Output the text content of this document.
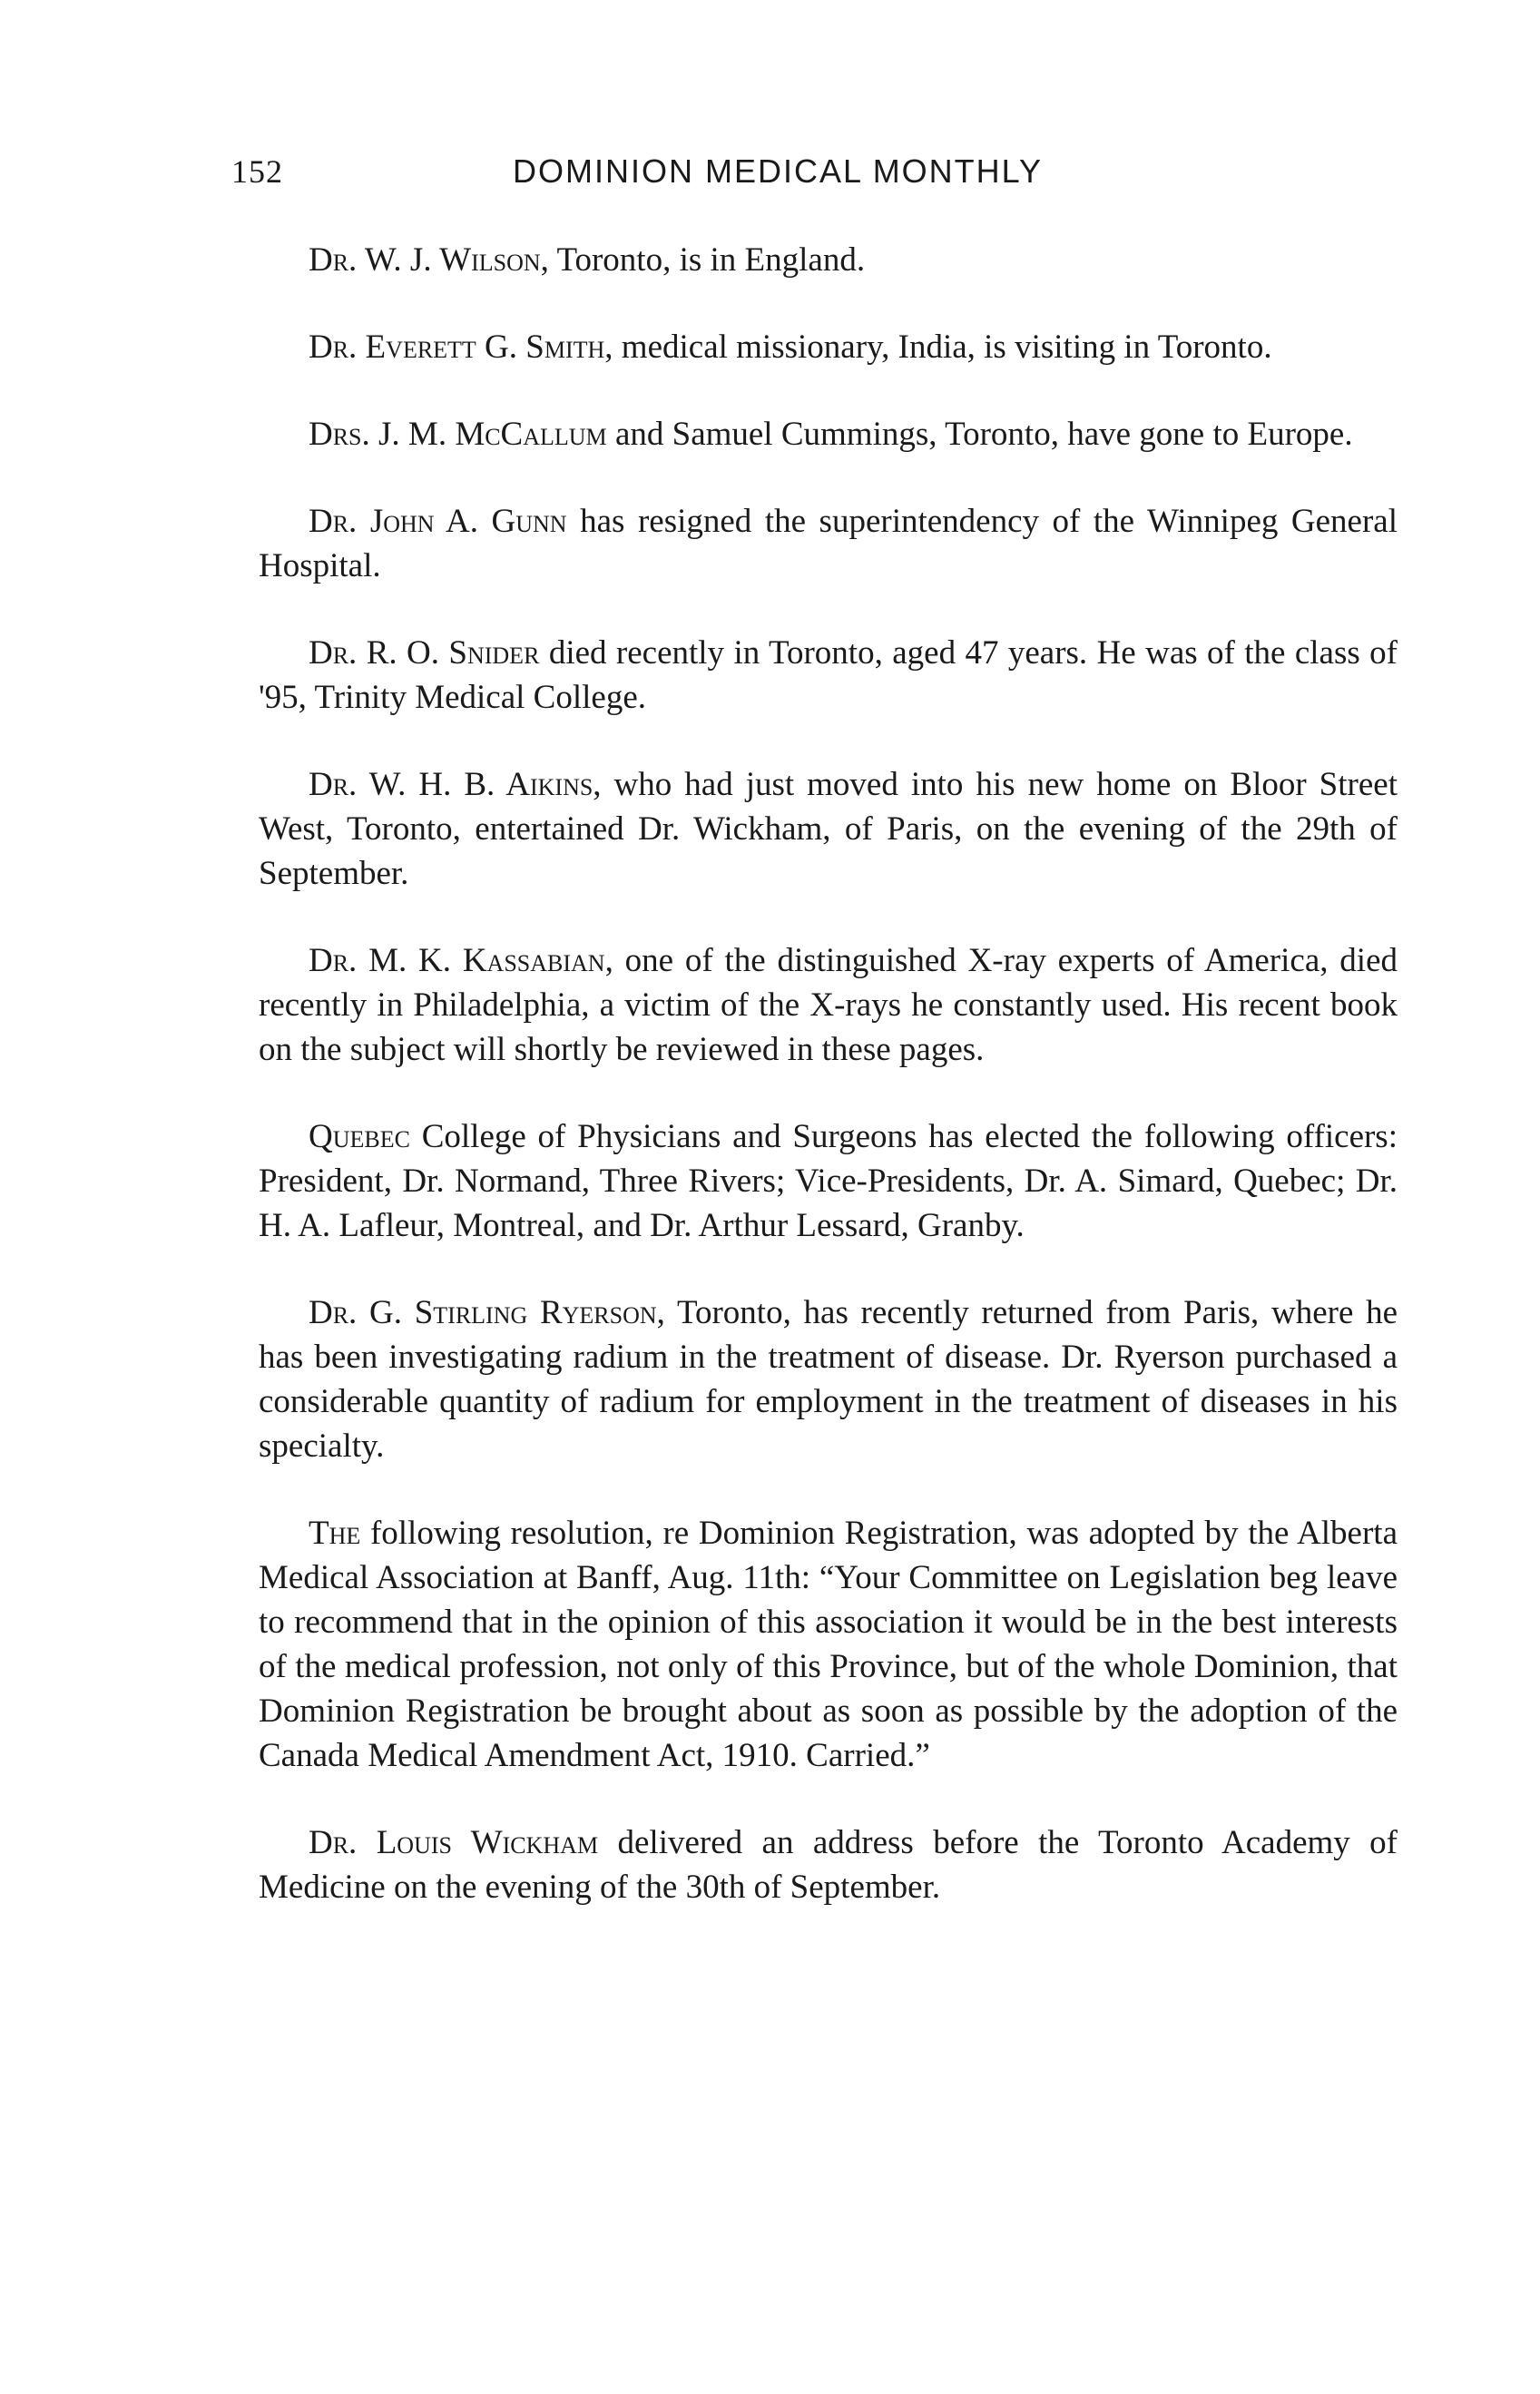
152	DOMINION MEDICAL MONTHLY

Dr. W. J. Wilson, Toronto, is in England.

Dr. Everett G. Smith, medical missionary, India, is visiting in Toronto.

Drs. J. M. McCallum and Samuel Cummings, Toronto, have gone to Europe.

Dr. John A. Gunn has resigned the superintendency of the Winnipeg General Hospital.

Dr. R. O. Snider died recently in Toronto, aged 47 years. He was of the class of '95, Trinity Medical College.

Dr. W. H. B. Aikins, who had just moved into his new home on Bloor Street West, Toronto, entertained Dr. Wickham, of Paris, on the evening of the 29th of September.

Dr. M. K. Kassabian, one of the distinguished X-ray experts of America, died recently in Philadelphia, a victim of the X-rays he constantly used. His recent book on the subject will shortly be reviewed in these pages.

Quebec College of Physicians and Surgeons has elected the following officers: President, Dr. Normand, Three Rivers; Vice-Presidents, Dr. A. Simard, Quebec; Dr. H. A. Lafleur, Montreal, and Dr. Arthur Lessard, Granby.

Dr. G. Stirling Ryerson, Toronto, has recently returned from Paris, where he has been investigating radium in the treatment of disease. Dr. Ryerson purchased a considerable quantity of radium for employment in the treatment of diseases in his specialty.

The following resolution, re Dominion Registration, was adopted by the Alberta Medical Association at Banff, Aug. 11th: “Your Committee on Legislation beg leave to recommend that in the opinion of this association it would be in the best interests of the medical profession, not only of this Province, but of the whole Dominion, that Dominion Registration be brought about as soon as possible by the adoption of the Canada Medical Amendment Act, 1910. Carried.”

Dr. Louis Wickham delivered an address before the Toronto Academy of Medicine on the evening of the 30th of September.
